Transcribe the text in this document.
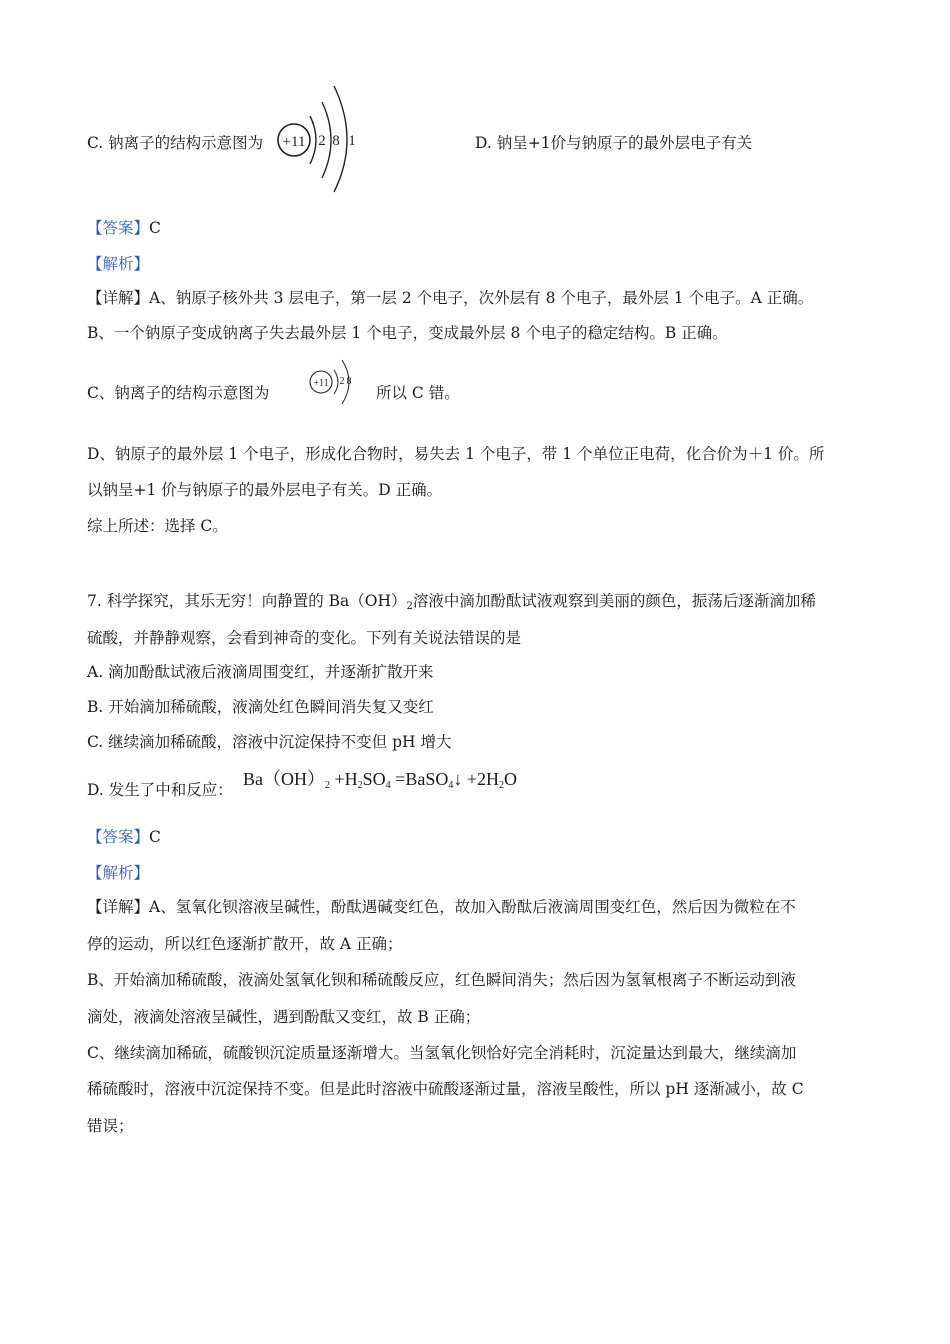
C. 钠离子的结构示意图为 +11 2 8 1	D. 钠呈+1价与钠原子的最外层电子有关
【答案】C
【解析】
【详解】A、钠原子核外共 3 层电子，第一层 2 个电子，次外层有 8 个电子，最外层 1 个电子。A 正确。
B、一个钠原子变成钠离子失去最外层 1 个电子，变成最外层 8 个电子的稳定结构。B 正确。
C、钠离子的结构示意图为
+11 2 8
所以 C 错。
D、钠原子的最外层 1 个电子，形成化合物时，易失去 1 个电子，带 1 个单位正电荷，化合价为＋1 价。所
以钠呈+1 价与钠原子的最外层电子有关。D 正确。
综上所述：选择 C。
7. 科学探究，其乐无穷！向静置的 $Ba(OH)_2$溶液中滴加酚酞试液观察到美丽的颜色，振荡后逐渐滴加稀
硫酸，并静静观察，会看到神奇的变化。下列有关说法错误的是
A. 滴加酚酞试液后液滴周围变红，并逐渐扩散开来
B. 开始滴加稀硫酸，液滴处红色瞬间消失复又变红
C. 继续滴加稀硫酸，溶液中沉淀保持不变但 pH 增大
D. 发生了中和反应：
$Ba(OH)_2 +H_2SO_4$ =BaSO$_4$↓ $+2H_2O$
【答案】C
【解析】
【详解】A、氢氧化钡溶液呈碱性，酚酞遇碱变红色，故加入酚酞后液滴周围变红色，然后因为微粒在不
停的运动，所以红色逐渐扩散开，故 A 正确；
B、开始滴加稀硫酸，液滴处氢氧化钡和稀硫酸反应，红色瞬间消失；然后因为氢氧根离子不断运动到液
滴处，液滴处溶液呈碱性，遇到酚酞又变红，故 B 正确；
C、继续滴加稀硫，硫酸钡沉淀质量逐渐增大。当氢氧化钡恰好完全消耗时，沉淀量达到最大，继续滴加
稀硫酸时，溶液中沉淀保持不变。但是此时溶液中硫酸逐渐过量，溶液呈酸性，所以 pH 逐渐减小，故 C
错误；
